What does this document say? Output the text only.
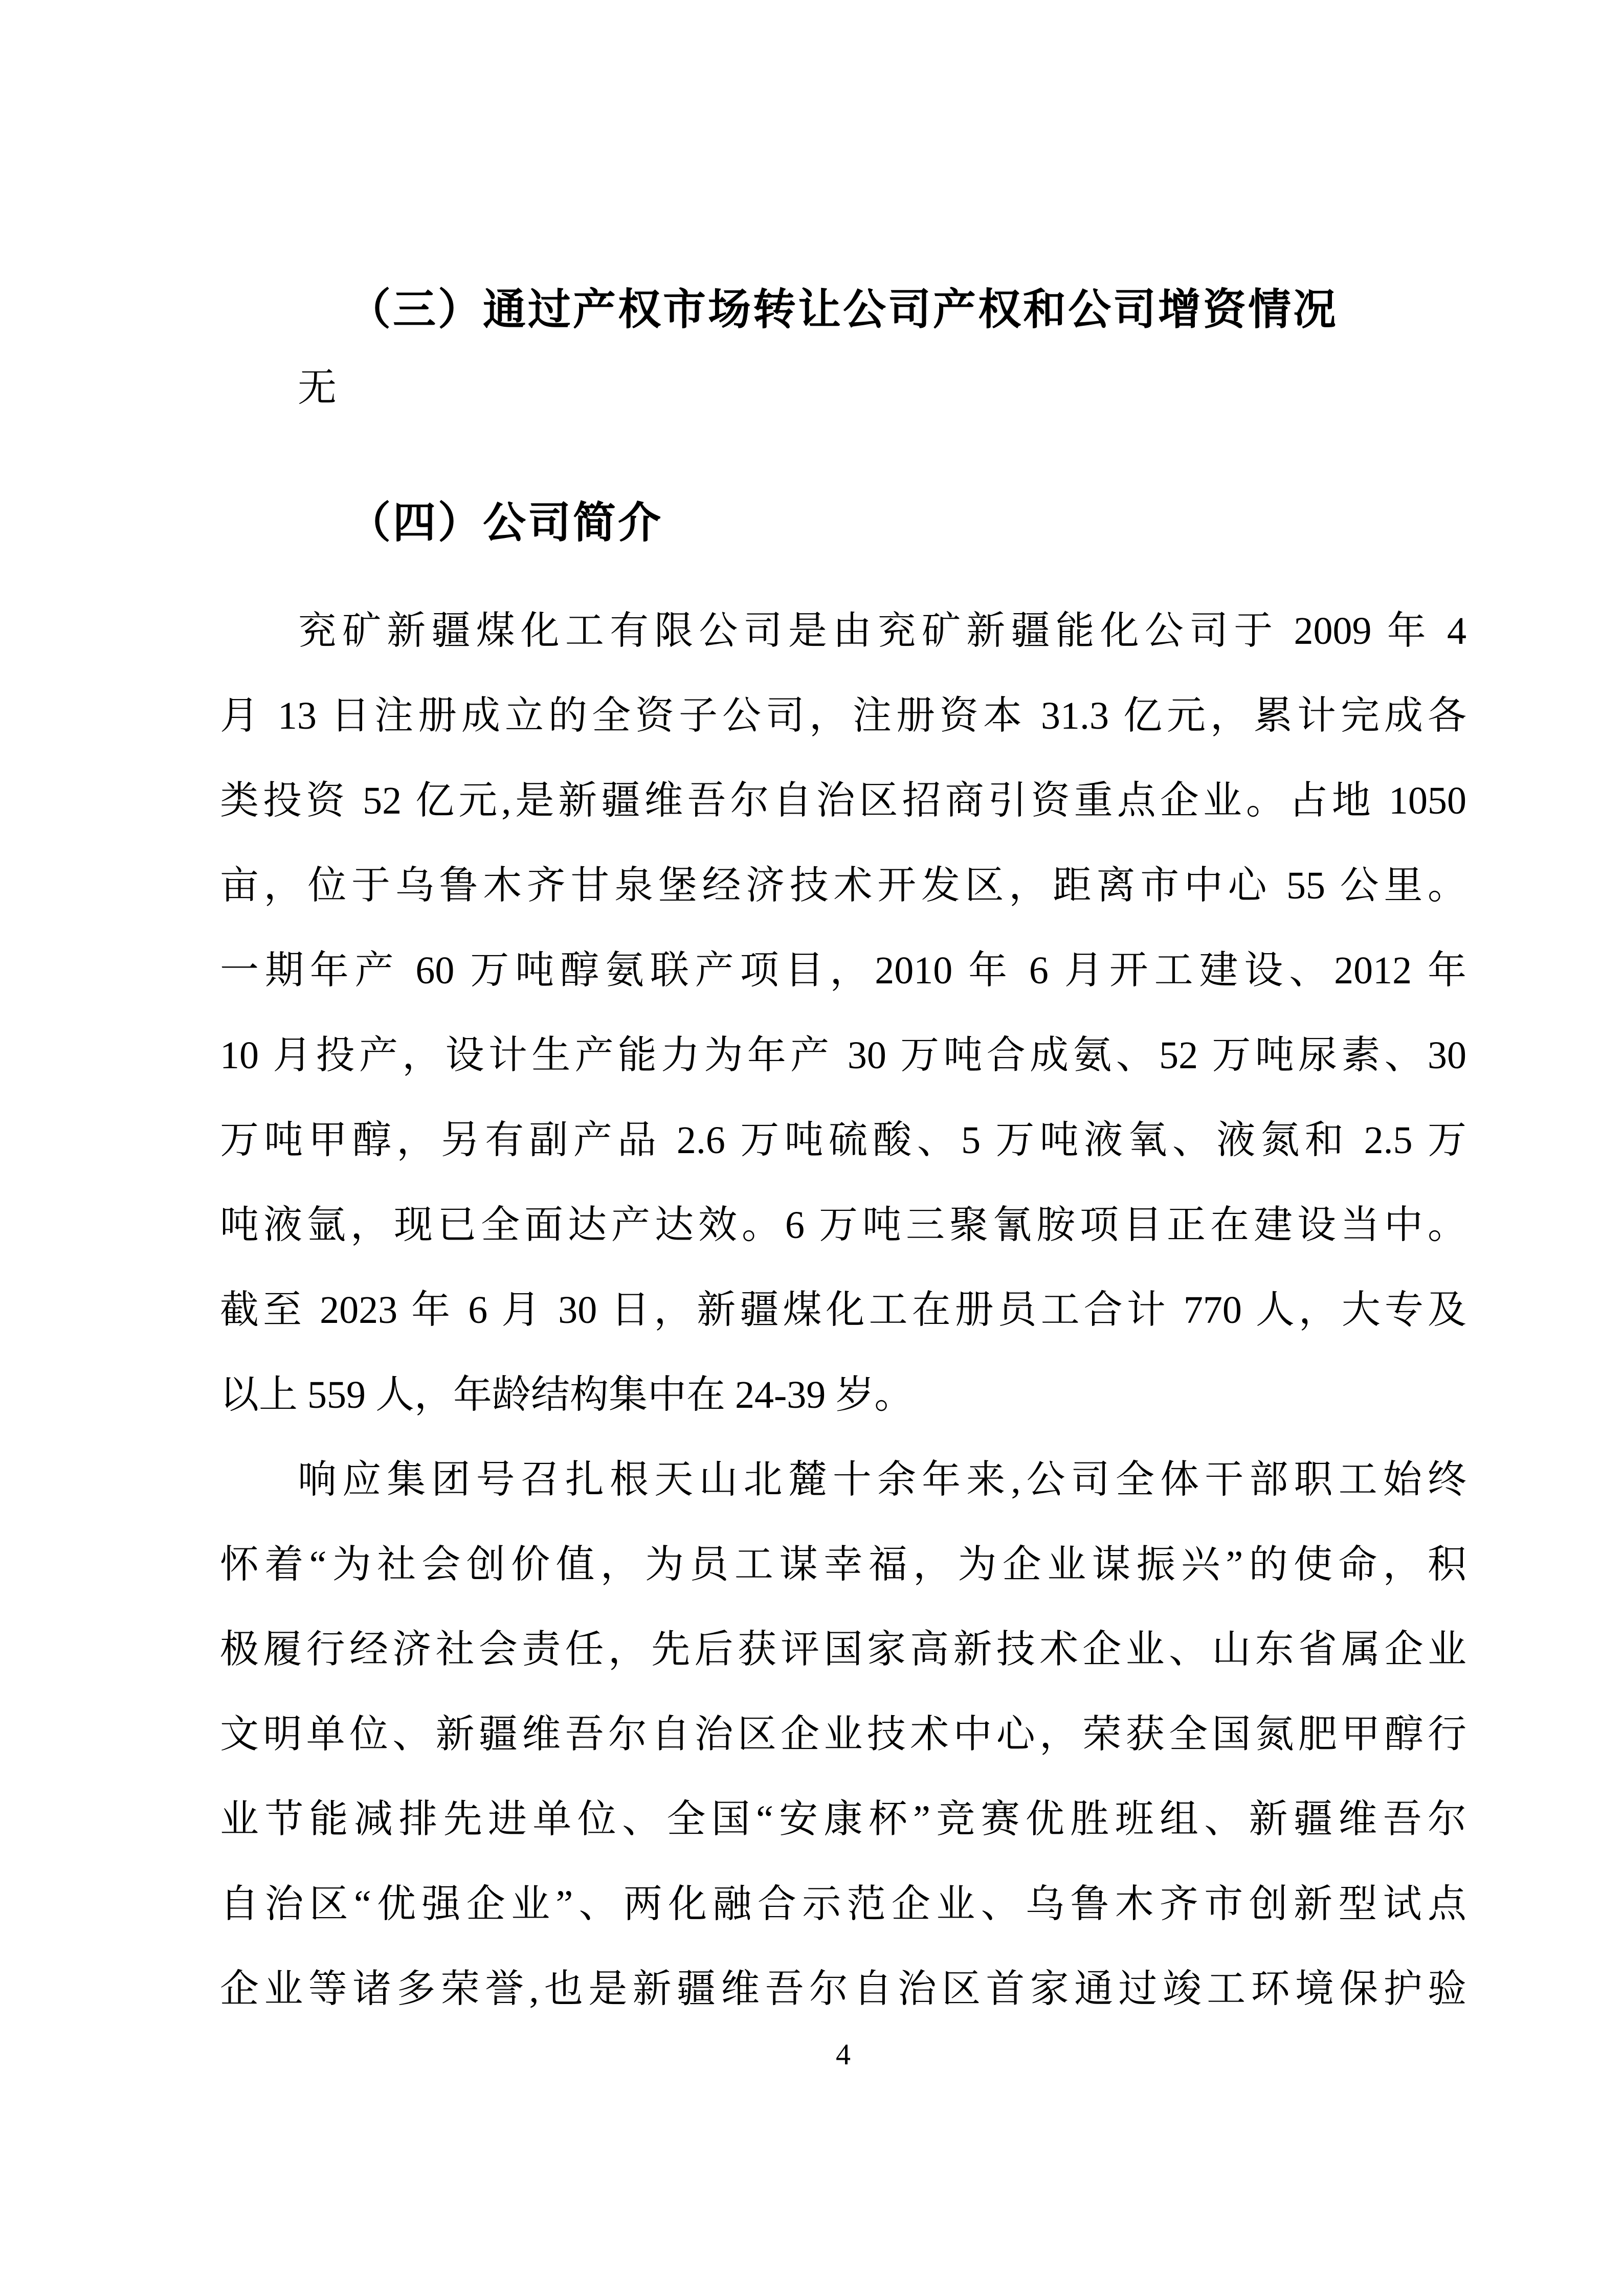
（三）通过产权市场转让公司产权和公司增资情况
无
（四）公司简介
兖矿新疆煤化工有限公司是由兖矿新疆能化公司于 2009 年 4
月 13 日注册成立的全资子公司，注册资本 31.3 亿元，累计完成各
类投资 52 亿元,是新疆维吾尔自治区招商引资重点企业。占地 1050
亩，位于乌鲁木齐甘泉堡经济技术开发区，距离市中心 55 公里。
一期年产 60 万吨醇氨联产项目，2010 年 6 月开工建设、2012 年
10 月投产，设计生产能力为年产 30 万吨合成氨、52 万吨尿素、30
万吨甲醇，另有副产品 2.6 万吨硫酸、5 万吨液氧、液氮和 2.5 万
吨液氩，现已全面达产达效。6 万吨三聚氰胺项目正在建设当中。
截至 2023 年 6 月 30 日，新疆煤化工在册员工合计 770 人，大专及
以上 559 人，年龄结构集中在 24-39 岁。
响应集团号召扎根天山北麓十余年来,公司全体干部职工始终
怀着“为社会创价值，为员工谋幸福，为企业谋振兴”的使命，积
极履行经济社会责任，先后获评国家高新技术企业、山东省属企业
文明单位、新疆维吾尔自治区企业技术中心，荣获全国氮肥甲醇行
业节能减排先进单位、全国“安康杯”竞赛优胜班组、新疆维吾尔
自治区“优强企业”、两化融合示范企业、乌鲁木齐市创新型试点
企业等诸多荣誉,也是新疆维吾尔自治区首家通过竣工环境保护验
4
